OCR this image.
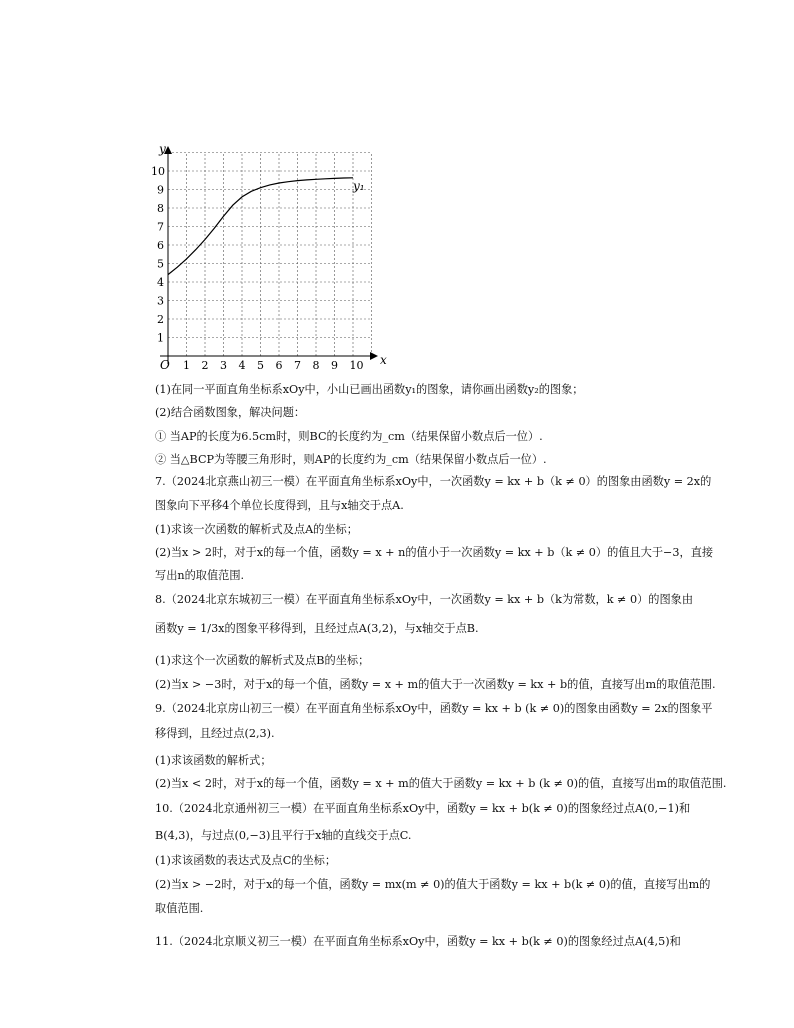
y
x
O 1 2 3 4 5 6 7 8 9 10
1
2
3
4
5
6
7
8
9
10
y₁
(1)在同一平面直角坐标系xOy中，小山已画出函数y₁的图象，请你画出函数y₂的图象；
(2)结合函数图象，解决问题：
① 当AP的长度为6.5cm时，则BC的长度约为_cm（结果保留小数点后一位）.
② 当△BCP为等腰三角形时，则AP的长度约为_cm（结果保留小数点后一位）.
7.（2024北京燕山初三一模）在平面直角坐标系xOy中，一次函数y = kx + b（k ≠ 0）的图象由函数y = 2x的
图象向下平移4个单位长度得到，且与x轴交于点A.
(1)求该一次函数的解析式及点A的坐标；
(2)当x > 2时，对于x的每一个值，函数y = x + n的值小于一次函数y = kx + b（k ≠ 0）的值且大于−3，直接
写出n的取值范围.
8.（2024北京东城初三一模）在平面直角坐标系xOy中，一次函数y = kx + b（k为常数，k ≠ 0）的图象由
函数y = 1/3x的图象平移得到，且经过点A(3,2)，与x轴交于点B.
(1)求这个一次函数的解析式及点B的坐标；
(2)当x > −3时，对于x的每一个值，函数y = x + m的值大于一次函数y = kx + b的值，直接写出m的取值范围.
9.（2024北京房山初三一模）在平面直角坐标系xOy中，函数y = kx + b (k ≠ 0)的图象由函数y = 2x的图象平
移得到，且经过点(2,3).
(1)求该函数的解析式；
(2)当x < 2时，对于x的每一个值，函数y = x + m的值大于函数y = kx + b (k ≠ 0)的值，直接写出m的取值范围.
10.（2024北京通州初三一模）在平面直角坐标系xOy中，函数y = kx + b(k ≠ 0)的图象经过点A(0,−1)和
B(4,3)，与过点(0,−3)且平行于x轴的直线交于点C.
(1)求该函数的表达式及点C的坐标；
(2)当x > −2时，对于x的每一个值，函数y = mx(m ≠ 0)的值大于函数y = kx + b(k ≠ 0)的值，直接写出m的
取值范围.
11.（2024北京顺义初三一模）在平面直角坐标系xOy中，函数y = kx + b(k ≠ 0)的图象经过点A(4,5)和
